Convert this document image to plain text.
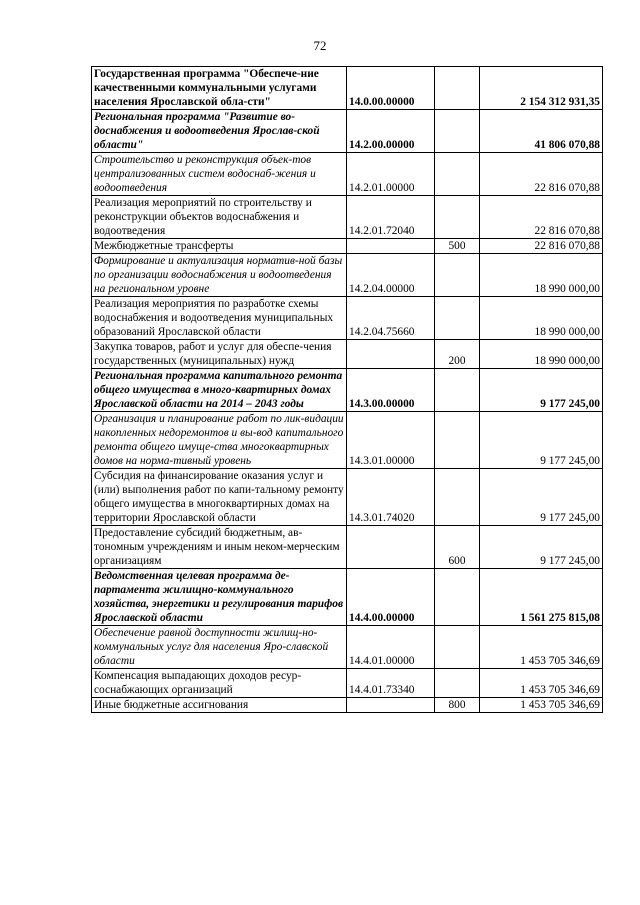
72
Государственная программа "Обеспече-ние качественными коммунальными услугами населения Ярославской обла-сти"	14.0.00.00000		2 154 312 931,35
Региональная программа "Развитие во-доснабжения и водоотведения Ярослав-ской области"	14.2.00.00000		41 806 070,88
Строительство и реконструкция объек-тов централизованных систем водоснаб-жения и водоотведения	14.2.01.00000		22 816 070,88
Реализация мероприятий по строительству и реконструкции объектов водоснабжения и водоотведения	14.2.01.72040		22 816 070,88
Межбюджетные трансферты		500	22 816 070,88
Формирование и актуализация норматив-ной базы по организации водоснабжения и водоотведения на региональном уровне	14.2.04.00000		18 990 000,00
Реализация мероприятия по разработке схемы водоснабжения и водоотведения муниципальных образований Ярославской области	14.2.04.75660		18 990 000,00
Закупка товаров, работ и услуг для обеспе-чения государственных (муниципальных) нужд		200	18 990 000,00
Региональная программа капитального ремонта общего имущества в много-квартирных домах Ярославской области на 2014 – 2043 годы	14.3.00.00000		9 177 245,00
Организация и планирование работ по лик-видации накопленных недоремонтов и вы-вод капитального ремонта общего имуще-ства многоквартирных домов на норма-тивный уровень	14.3.01.00000		9 177 245,00
Субсидия на финансирование оказания услуг и (или) выполнения работ по капи-тальному ремонту общего имущества в многоквартирных домах на территории Ярославской области	14.3.01.74020		9 177 245,00
Предоставление субсидий бюджетным, ав-тономным учреждениям и иным неком-мерческим организациям		600	9 177 245,00
Ведомственная целевая программа де-партамента жилищно-коммунального хозяйства, энергетики и регулирования тарифов Ярославской области	14.4.00.00000		1 561 275 815,08
Обеспечение равной доступности жилищ-но-коммунальных услуг для населения Яро-славской области	14.4.01.00000		1 453 705 346,69
Компенсация выпадающих доходов ресур-соснабжающих организаций	14.4.01.73340		1 453 705 346,69
Иные бюджетные ассигнования		800	1 453 705 346,69
